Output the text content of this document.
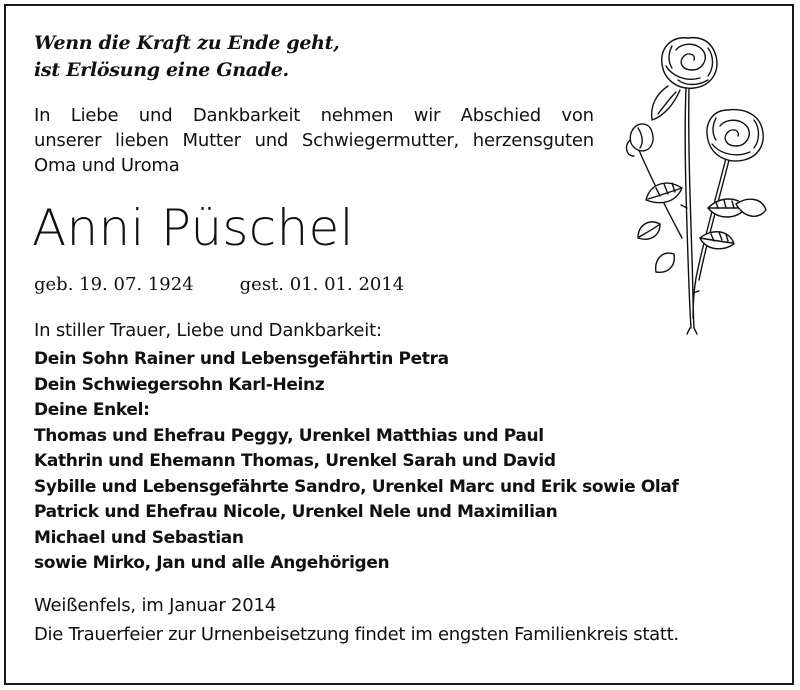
Wenn die Kraft zu Ende geht,
ist Erlösung eine Gnade.
In Liebe und Dankbarkeit nehmen wir Abschied von
unserer lieben Mutter und Schwiegermutter, herzensguten
Oma und Uroma
Anni Püschel
geb. 19. 07. 1924	gest. 01. 01. 2014
In stiller Trauer, Liebe und Dankbarkeit:
Dein Sohn Rainer und Lebensgefährtin Petra
Dein Schwiegersohn Karl-Heinz
Deine Enkel:
Thomas und Ehefrau Peggy, Urenkel Matthias und Paul
Kathrin und Ehemann Thomas, Urenkel Sarah und David
Sybille und Lebensgefährte Sandro, Urenkel Marc und Erik sowie Olaf
Patrick und Ehefrau Nicole, Urenkel Nele und Maximilian
Michael und Sebastian
sowie Mirko, Jan und alle Angehörigen
Weißenfels, im Januar 2014
Die Trauerfeier zur Urnenbeisetzung findet im engsten Familienkreis statt.
